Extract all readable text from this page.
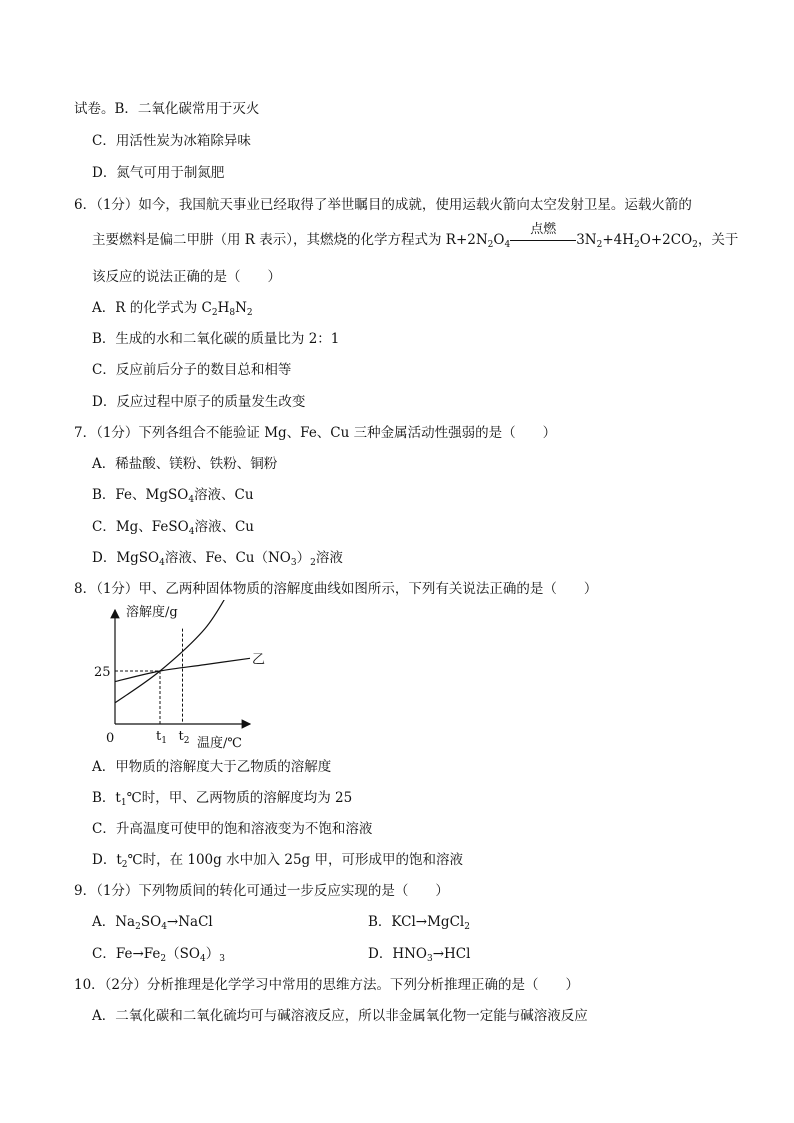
试卷。B．二氧化碳常用于灭火
C．用活性炭为冰箱除异味
D．氮气可用于制氮肥
6．（1分）如今，我国航天事业已经取得了举世瞩目的成就，使用运载火箭向太空发射卫星。运载火箭的
主要燃料是偏二甲肼（用 R 表示），其燃烧的化学方程式为 $R+2N_2O_4$
点燃
$3N_2+4H_2O+2CO_2$，关于
该反应的说法正确的是（　　）
A．R 的化学式为 $C_2H_8N_2$
B．生成的水和二氧化碳的质量比为 2：1
C．反应前后分子的数目总和相等
D．反应过程中原子的质量发生改变
7．（1分）下列各组合不能验证 Mg、Fe、Cu 三种金属活动性强弱的是（　　）
A．稀盐酸、镁粉、铁粉、铜粉
B．Fe、MgSO$_4$溶液、Cu
C．Mg、FeSO$_4$溶液、Cu
D．MgSO$_4$溶液、Fe、$Cu(NO_3)_2$溶液
8．（1分）甲、乙两种固体物质的溶解度曲线如图所示，下列有关说法正确的是（　　）
溶解度/g
温度/℃
0
乙
25
$t_1$ $t_2$
A．甲物质的溶解度大于乙物质的溶解度
B．$t_1℃$时，甲、乙两物质的溶解度均为 25
C．升高温度可使甲的饱和溶液变为不饱和溶液
D．$t_2℃$时，在 100g 水中加入 25g 甲，可形成甲的饱和溶液
9．（1分）下列物质间的转化可通过一步反应实现的是（　　）
A．$Na_2SO_4\to NaCl$	B．KCl→MgCl$_2$
C．$Fe\to Fe_2(SO_4)_3$	D．$HNO_3\to HCl$
10．（2分）分析推理是化学学习中常用的思维方法。下列分析推理正确的是（　　）
A．二氧化碳和二氧化硫均可与碱溶液反应，所以非金属氧化物一定能与碱溶液反应
